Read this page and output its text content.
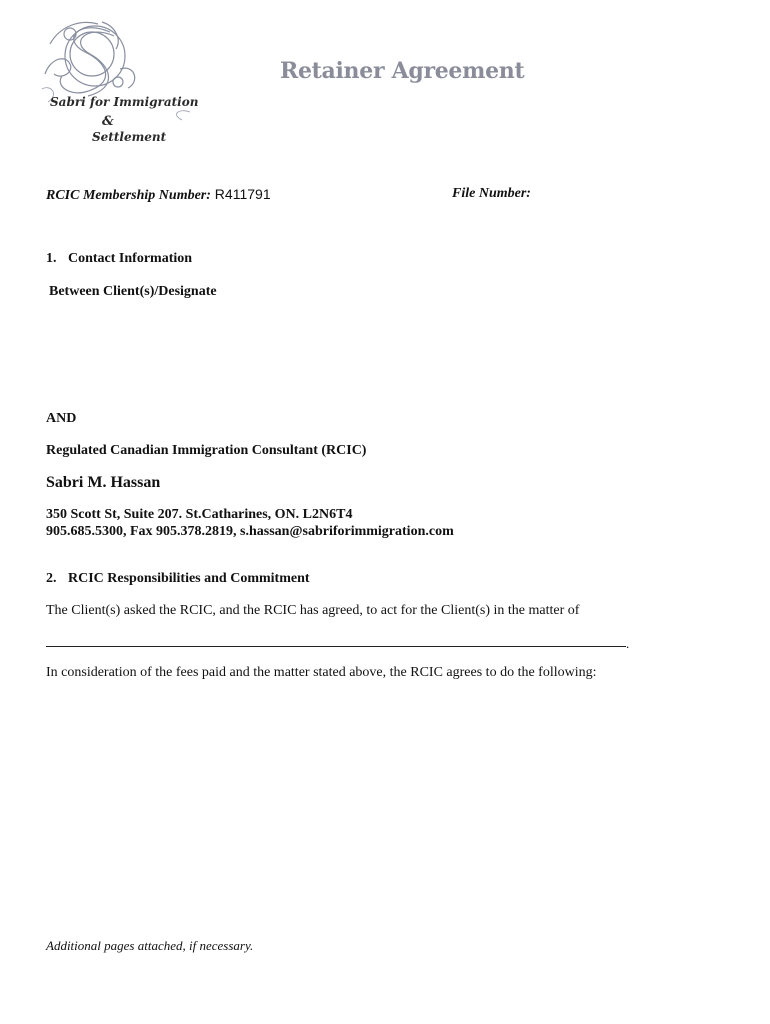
Sabri for Immigration
&
Settlement
Retainer Agreement
RCIC Membership Number: R411791	File Number:
1. Contact Information
Between Client(s)/Designate
AND
Regulated Canadian Immigration Consultant (RCIC)
Sabri M. Hassan
350 Scott St, Suite 207. St.Catharines, ON. L2N6T4
905.685.5300, Fax 905.378.2819, s.hassan@sabriforimmigration.com
2. RCIC Responsibilities and Commitment
The Client(s) asked the RCIC, and the RCIC has agreed, to act for the Client(s) in the matter of
.
In consideration of the fees paid and the matter stated above, the RCIC agrees to do the following:
Additional pages attached, if necessary.
